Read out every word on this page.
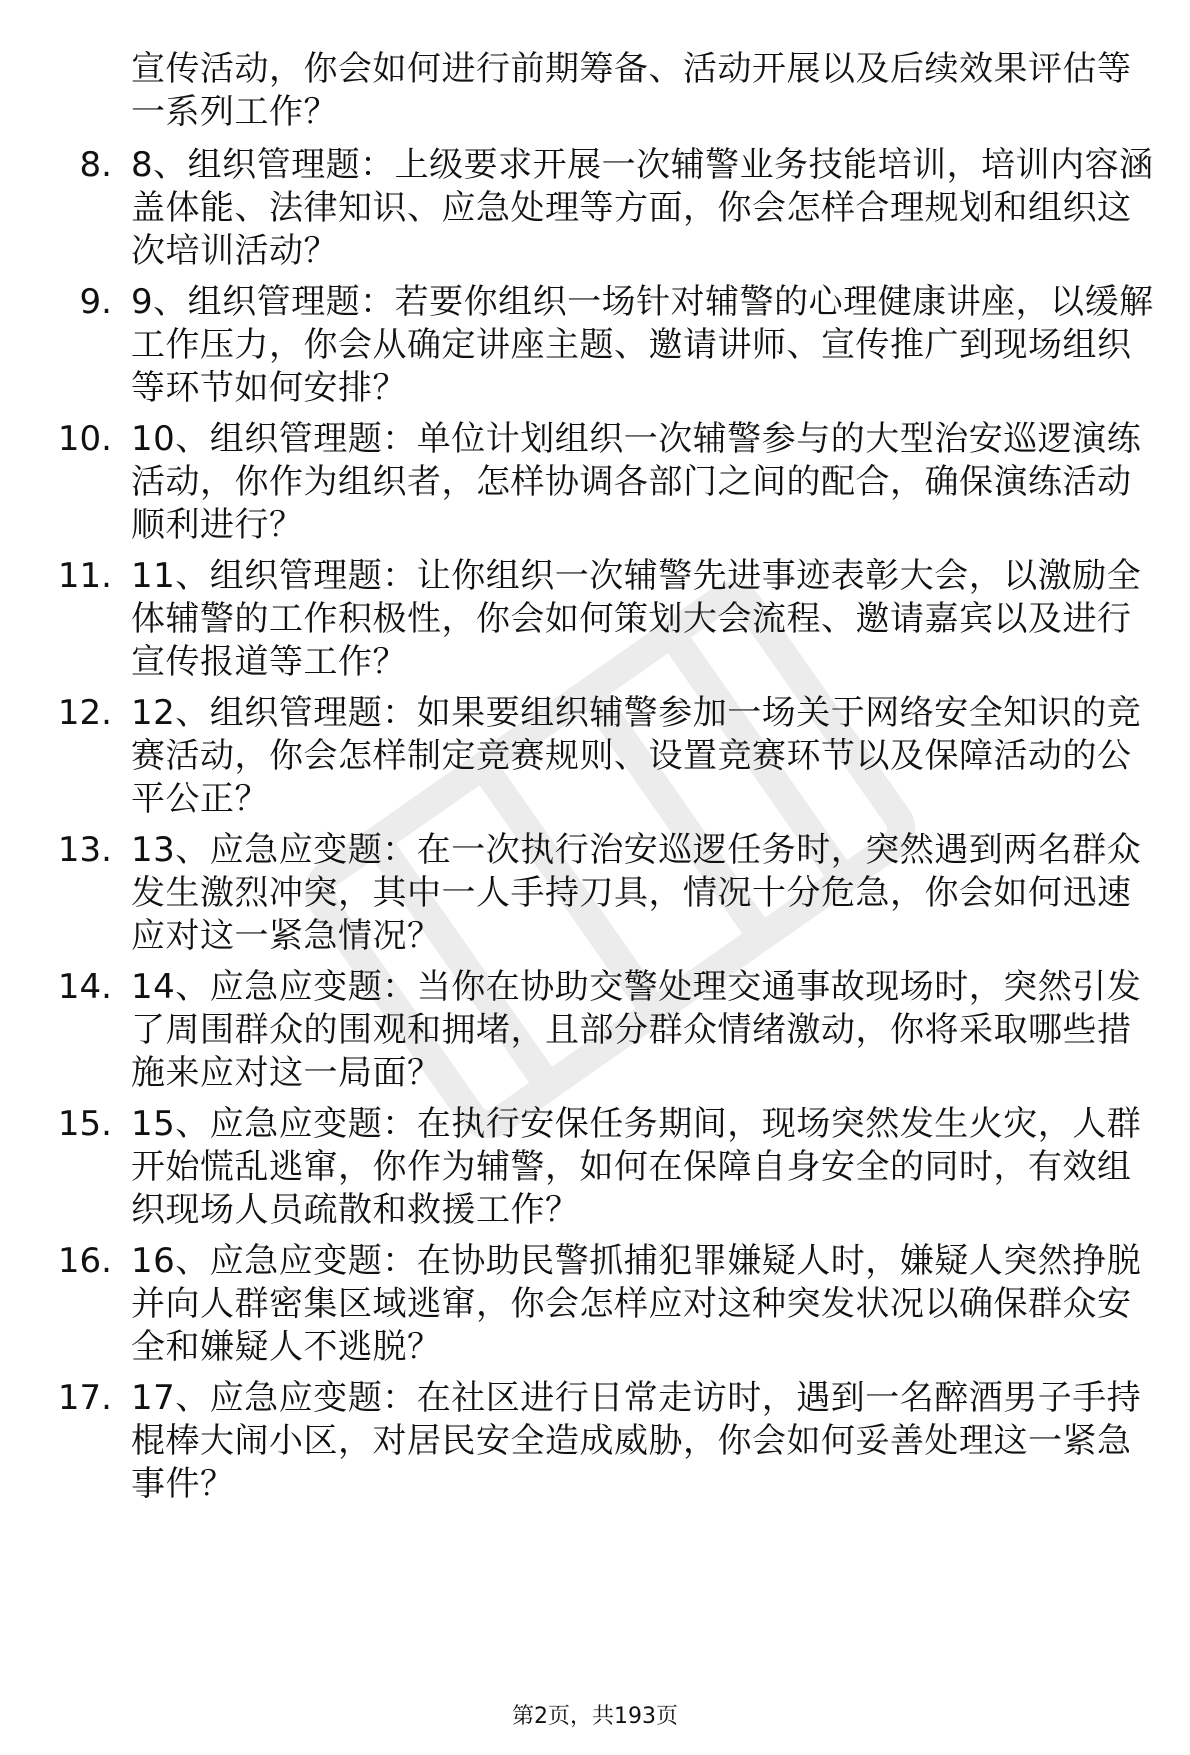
宣传活动，你会如何进行前期筹备、活动开展以及后续效果评估等一系列工作？
8. 8、组织管理题：上级要求开展一次辅警业务技能培训，培训内容涵盖体能、法律知识、应急处理等方面，你会怎样合理规划和组织这次培训活动？
9. 9、组织管理题：若要你组织一场针对辅警的心理健康讲座，以缓解工作压力，你会从确定讲座主题、邀请讲师、宣传推广到现场组织等环节如何安排？
10. 10、组织管理题：单位计划组织一次辅警参与的大型治安巡逻演练活动，你作为组织者，怎样协调各部门之间的配合，确保演练活动顺利进行？
11. 11、组织管理题：让你组织一次辅警先进事迹表彰大会，以激励全体辅警的工作积极性，你会如何策划大会流程、邀请嘉宾以及进行宣传报道等工作？
12. 12、组织管理题：如果要组织辅警参加一场关于网络安全知识的竞赛活动，你会怎样制定竞赛规则、设置竞赛环节以及保障活动的公平公正？
13. 13、应急应变题：在一次执行治安巡逻任务时，突然遇到两名群众发生激烈冲突，其中一人手持刀具，情况十分危急，你会如何迅速应对这一紧急情况？
14. 14、应急应变题：当你在协助交警处理交通事故现场时，突然引发了周围群众的围观和拥堵，且部分群众情绪激动，你将采取哪些措施来应对这一局面？
15. 15、应急应变题：在执行安保任务期间，现场突然发生火灾，人群开始慌乱逃窜，你作为辅警，如何在保障自身安全的同时，有效组织现场人员疏散和救援工作？
16. 16、应急应变题：在协助民警抓捕犯罪嫌疑人时，嫌疑人突然挣脱并向人群密集区域逃窜，你会怎样应对这种突发状况以确保群众安全和嫌疑人不逃脱？
17. 17、应急应变题：在社区进行日常走访时，遇到一名醉酒男子手持棍棒大闹小区，对居民安全造成威胁，你会如何妥善处理这一紧急事件？
第2页，共193页
